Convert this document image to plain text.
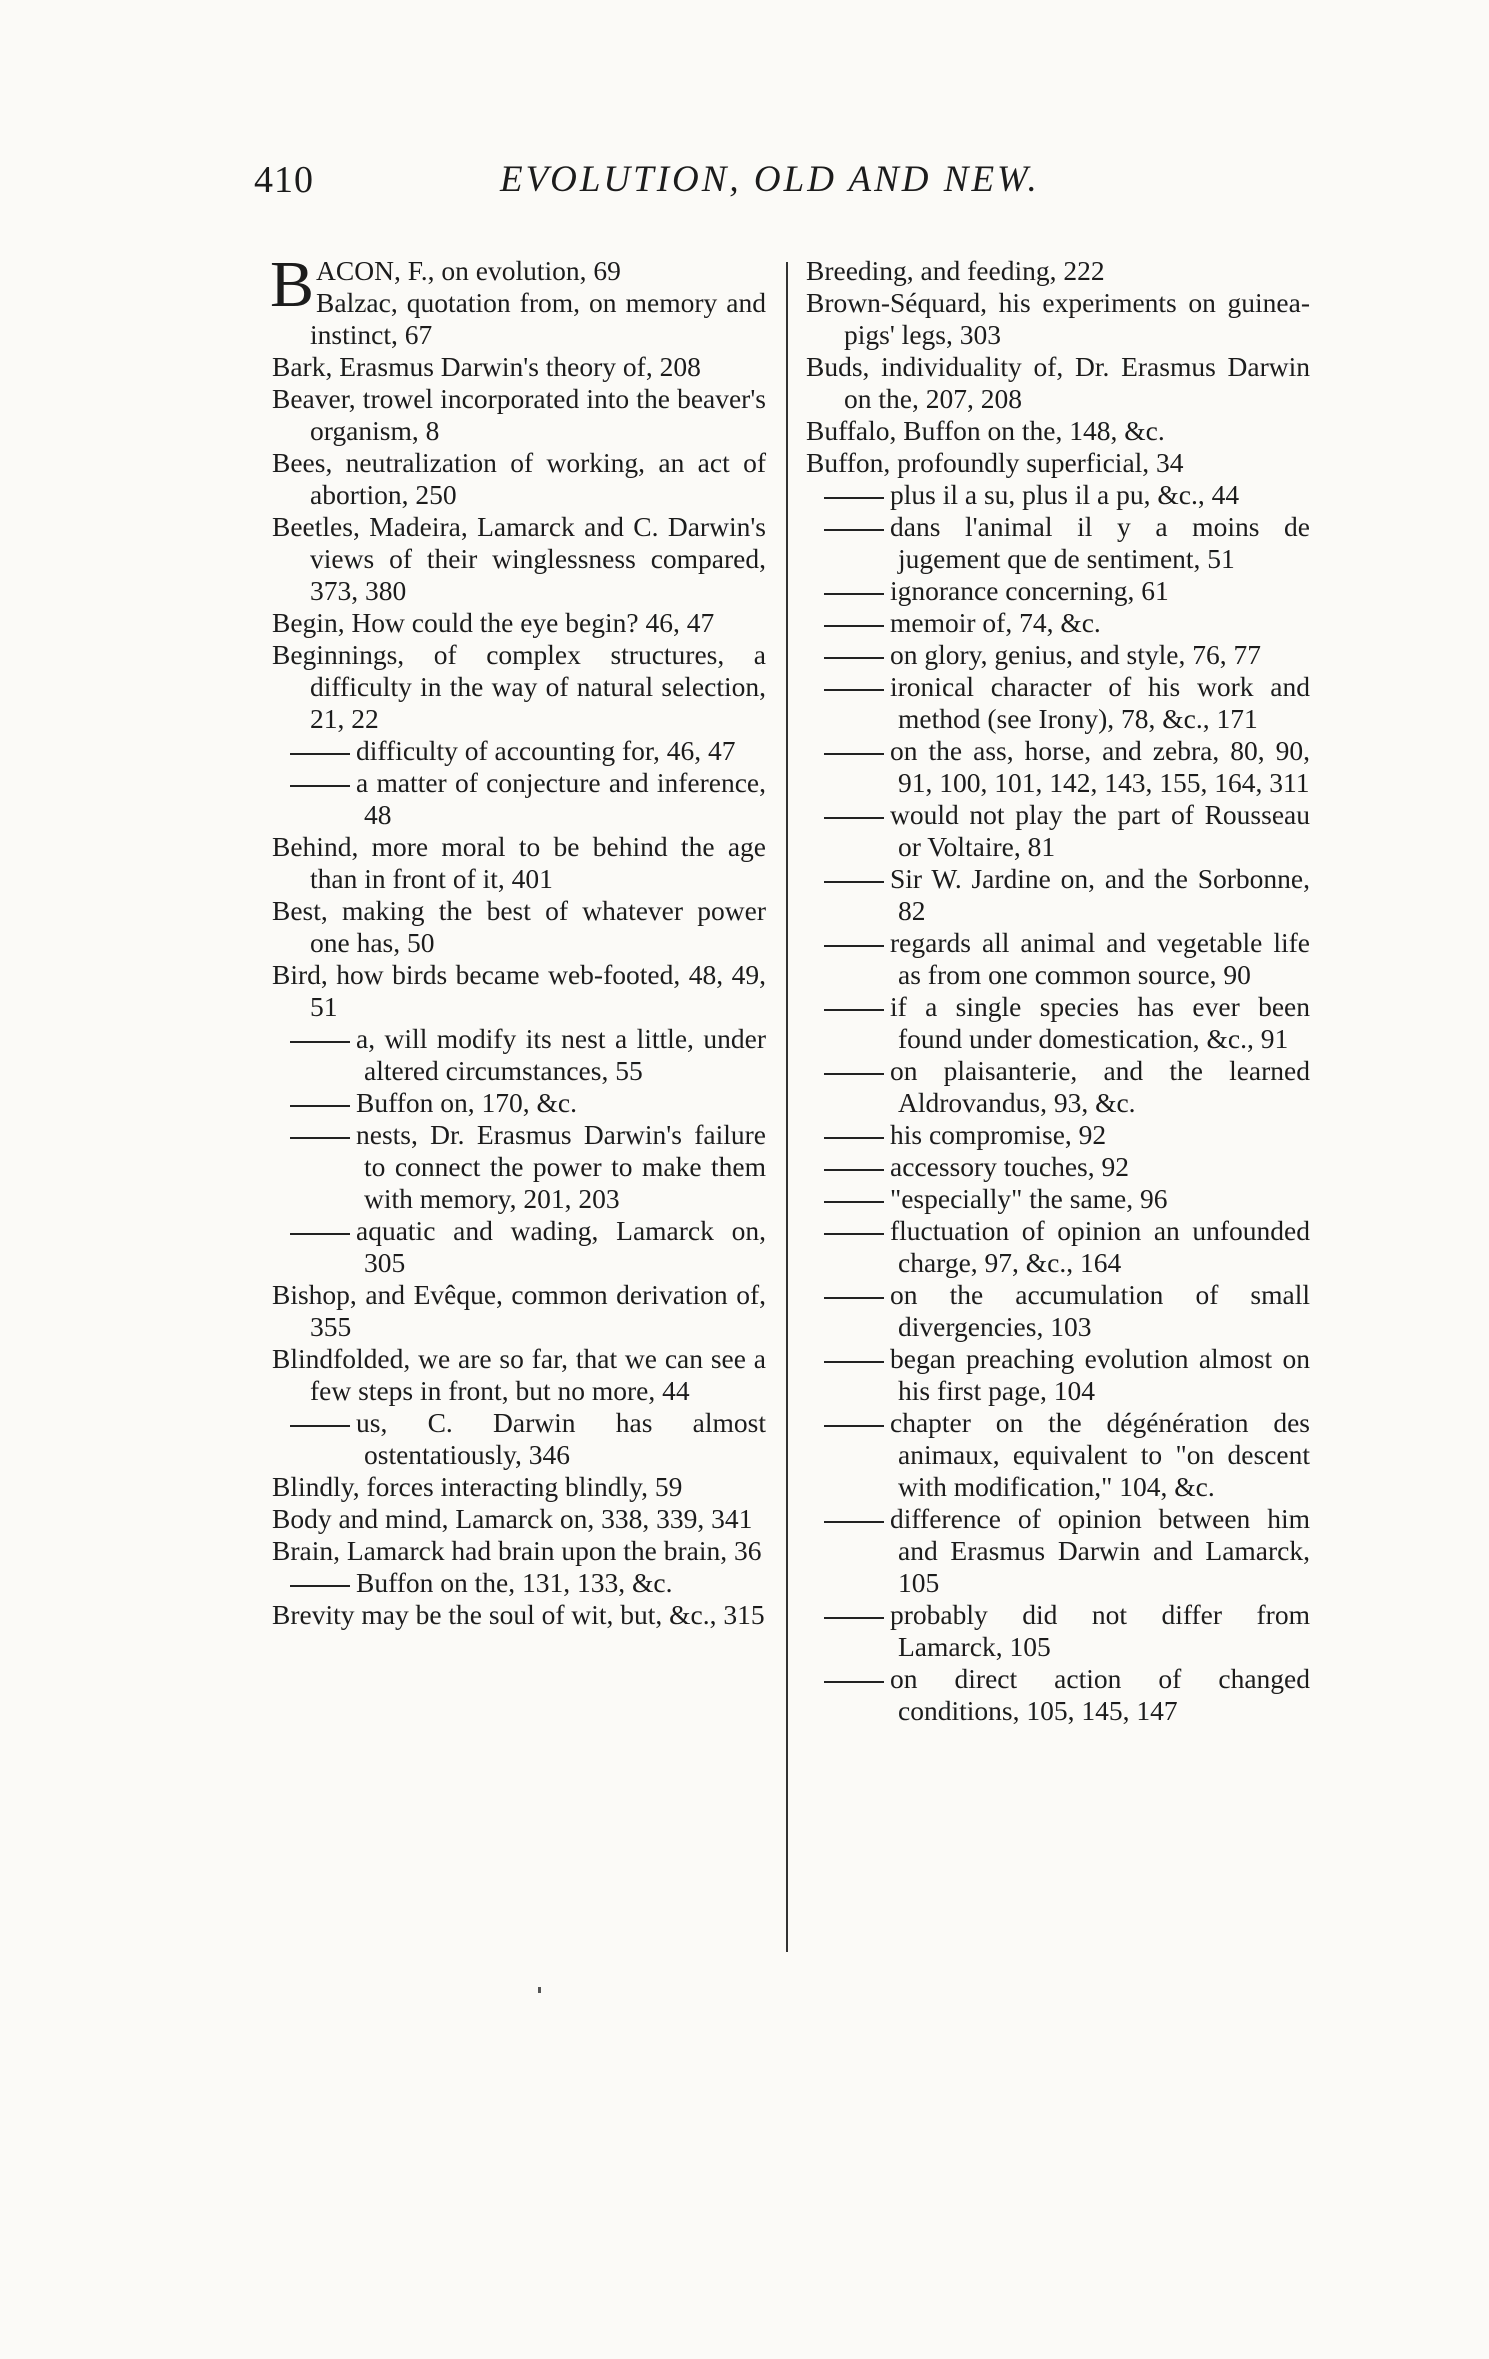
410	EVOLUTION, OLD AND NEW.
B ACON, F., on evolution, 69
Balzac, quotation from, on memory and instinct, 67
Bark, Erasmus Darwin's theory of, 208
Beaver, trowel incorporated into the beaver's organism, 8
Bees, neutralization of working, an act of abortion, 250
Beetles, Madeira, Lamarck and C. Darwin's views of their winglessness compared, 373, 380
Begin, How could the eye begin? 46, 47
Beginnings, of complex structures, a difficulty in the way of natural selection, 21, 22
difficulty of accounting for, 46, 47
a matter of conjecture and inference, 48
Behind, more moral to be behind the age than in front of it, 401
Best, making the best of whatever power one has, 50
Bird, how birds became web-footed, 48, 49, 51
a, will modify its nest a little, under altered circumstances, 55
Buffon on, 170, &c.
nests, Dr. Erasmus Darwin's failure to connect the power to make them with memory, 201, 203
aquatic and wading, Lamarck on, 305
Bishop, and Evêque, common derivation of, 355
Blindfolded, we are so far, that we can see a few steps in front, but no more, 44
us, C. Darwin has almost ostentatiously, 346
Blindly, forces interacting blindly, 59
Body and mind, Lamarck on, 338, 339, 341
Brain, Lamarck had brain upon the brain, 36
Buffon on the, 131, 133, &c.
Brevity may be the soul of wit, but, &c., 315
Breeding, and feeding, 222
Brown-Séquard, his experiments on guinea-pigs' legs, 303
Buds, individuality of, Dr. Erasmus Darwin on the, 207, 208
Buffalo, Buffon on the, 148, &c.
Buffon, profoundly superficial, 34
plus il a su, plus il a pu, &c., 44
dans l'animal il y a moins de jugement que de sentiment, 51
ignorance concerning, 61
memoir of, 74, &c.
on glory, genius, and style, 76, 77
ironical character of his work and method (see Irony), 78, &c., 171
on the ass, horse, and zebra, 80, 90, 91, 100, 101, 142, 143, 155, 164, 311
would not play the part of Rousseau or Voltaire, 81
Sir W. Jardine on, and the Sorbonne, 82
regards all animal and vegetable life as from one common source, 90
if a single species has ever been found under domestication, &c., 91
on plaisanterie, and the learned Aldrovandus, 93, &c.
his compromise, 92
accessory touches, 92
"especially" the same, 96
fluctuation of opinion an unfounded charge, 97, &c., 164
on the accumulation of small divergencies, 103
began preaching evolution almost on his first page, 104
chapter on the dégénération des animaux, equivalent to "on descent with modification," 104, &c.
difference of opinion between him and Erasmus Darwin and Lamarck, 105
probably did not differ from Lamarck, 105
on direct action of changed conditions, 105, 145, 147
